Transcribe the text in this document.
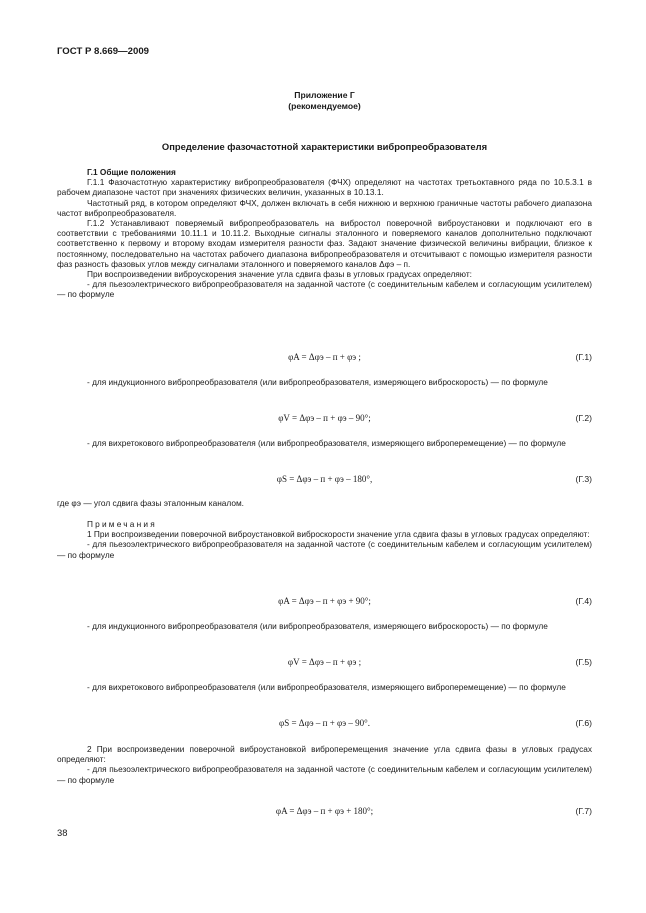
ГОСТ Р 8.669—2009
Приложение Г
(рекомендуемое)
Определение фазочастотной характеристики вибропреобразователя

Г.1 Общие положения

Г.1.1 Фазочастотную характеристику вибропреобразователя (ФЧХ) определяют на частотах третьоктавного ряда по 10.5.3.1 в рабочем диапазоне частот при значениях физических величин, указанных в 10.13.1.

Частотный ряд, в котором определяют ФЧХ, должен включать в себя нижнюю и верхнюю граничные частоты рабочего диапазона частот вибропреобразователя.

Г.1.2 Устанавливают поверяемый вибропреобразователь на вибростол поверочной виброустановки и подключают его в соответствии с требованиями 10.11.1 и 10.11.2. Выходные сигналы эталонного и поверяемого каналов дополнительно подключают соответственно к первому и второму входам измерителя разности фаз. Задают значение физической величины вибрации, близкое к постоянному, последовательно на частотах рабочего диапазона вибропреобразователя и отсчитывают с помощью измерителя разности фаз разность фазовых углов между сигналами эталонного и поверяемого каналов Δφэ – п.

При воспроизведении виброускорения значение угла сдвига фазы в угловых градусах определяют:

- для пьезоэлектрического вибропреобразователя на заданной частоте (с соединительным кабелем и согласующим усилителем) — по формуле

φA = Δφэ – п + φэ ;	(Г.1)

- для индукционного вибропреобразователя (или вибропреобразователя, измеряющего виброскорость) — по формуле

φV = Δφэ – п + φэ – 90°;	(Г.2)

- для вихретокового вибропреобразователя (или вибропреобразователя, измеряющего виброперемещение) — по формуле

φS = Δφэ – п + φэ – 180°,	(Г.3)

где φэ — угол сдвига фазы эталонным каналом.

Примечания

1 При воспроизведении поверочной виброустановкой виброскорости значение угла сдвига фазы в угловых градусах определяют:

- для пьезоэлектрического вибропреобразователя на заданной частоте (с соединительным кабелем и согласующим усилителем) — по формуле

φA = Δφэ – п + φэ + 90°;	(Г.4)

- для индукционного вибропреобразователя (или вибропреобразователя, измеряющего виброскорость) — по формуле

φV = Δφэ – п + φэ ;	(Г.5)

- для вихретокового вибропреобразователя (или вибропреобразователя, измеряющего виброперемещение) — по формуле

φS = Δφэ – п + φэ – 90°.	(Г.6)

2 При воспроизведении поверочной виброустановкой виброперемещения значение угла сдвига фазы в угловых градусах определяют:

- для пьезоэлектрического вибропреобразователя на заданной частоте (с соединительным кабелем и согласующим усилителем) — по формуле

φA = Δφэ – п + φэ + 180°;	(Г.7)
38
